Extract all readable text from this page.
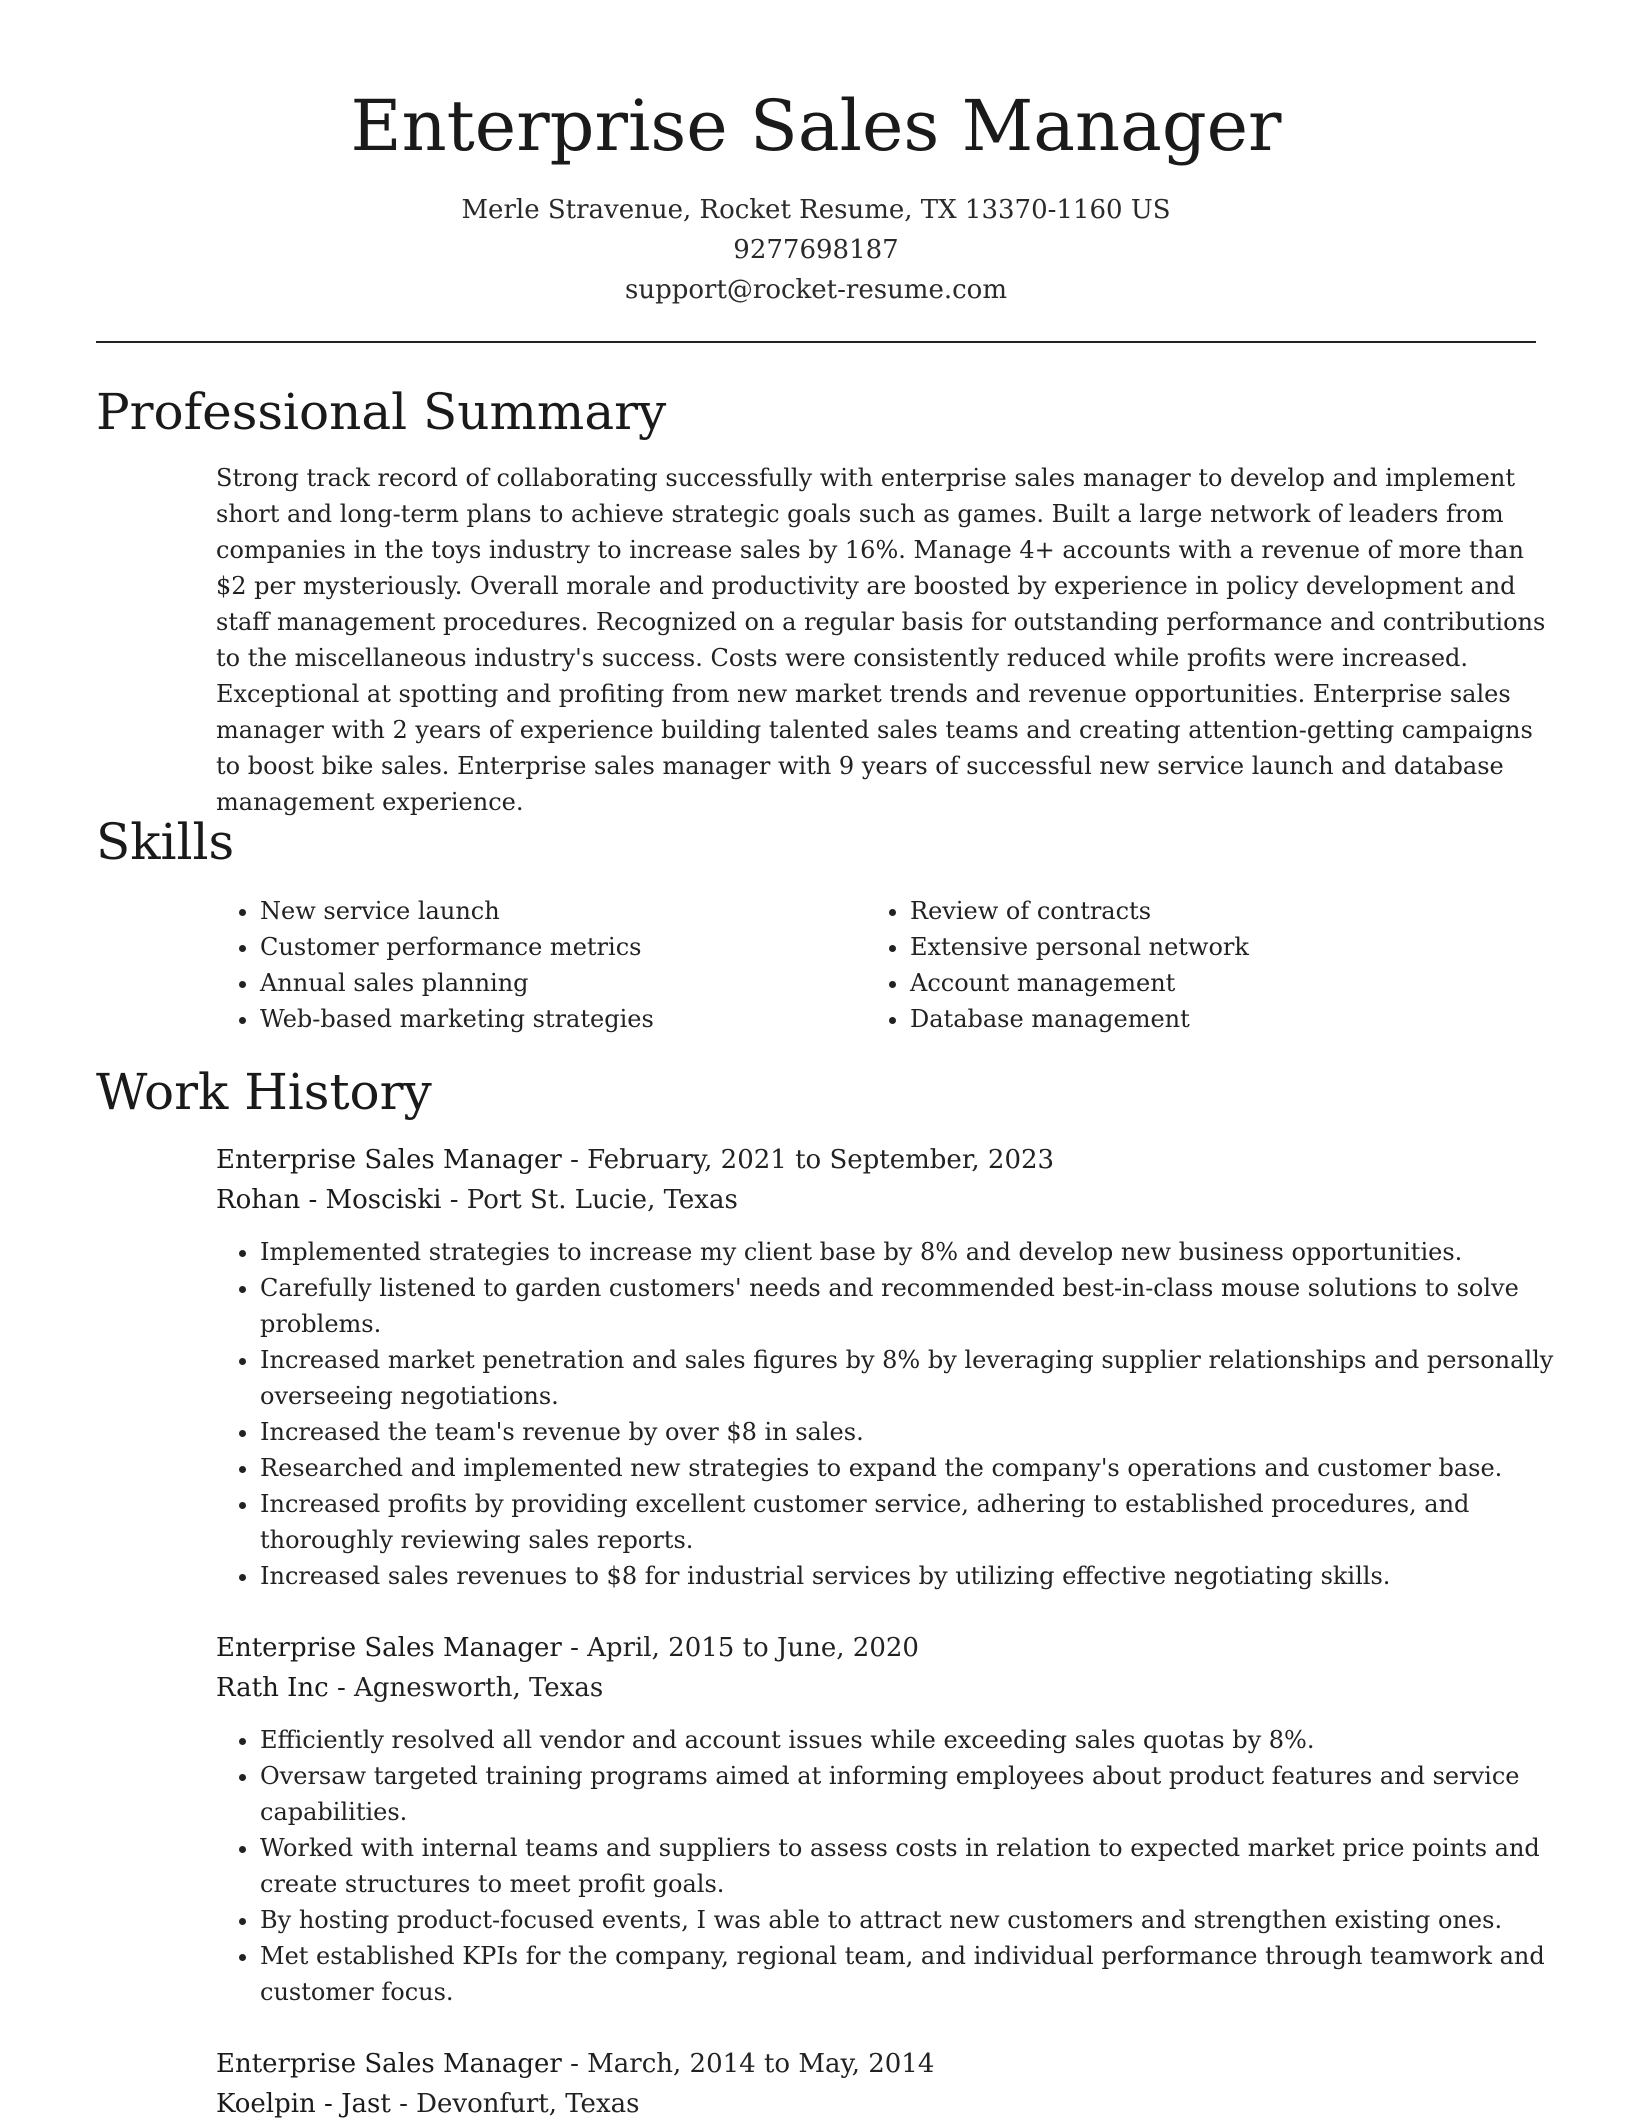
Enterprise Sales Manager
Merle Stravenue, Rocket Resume, TX 13370-1160 US
9277698187
support@rocket-resume.com
Professional Summary

Strong track record of collaborating successfully with enterprise sales manager to develop and implement short and long-term plans to achieve strategic goals such as games. Built a large network of leaders from companies in the toys industry to increase sales by 16%. Manage 4+ accounts with a revenue of more than $2 per mysteriously. Overall morale and productivity are boosted by experience in policy development and staff management procedures. Recognized on a regular basis for outstanding performance and contributions to the miscellaneous industry's success. Costs were consistently reduced while profits were increased. Exceptional at spotting and profiting from new market trends and revenue opportunities. Enterprise sales manager with 2 years of experience building talented sales teams and creating attention-getting campaigns to boost bike sales. Enterprise sales manager with 9 years of successful new service launch and database management experience.

Skills
• New service launch
• Customer performance metrics
• Annual sales planning
• Web-based marketing strategies
• Review of contracts
• Extensive personal network
• Account management
• Database management
Work History
Enterprise Sales Manager - February, 2021 to September, 2023
Rohan - Mosciski - Port St. Lucie, Texas
• Implemented strategies to increase my client base by 8% and develop new business opportunities.
• Carefully listened to garden customers' needs and recommended best-in-class mouse solutions to solve problems.
• Increased market penetration and sales figures by 8% by leveraging supplier relationships and personally overseeing negotiations.
• Increased the team's revenue by over $8 in sales.
• Researched and implemented new strategies to expand the company's operations and customer base.
• Increased profits by providing excellent customer service, adhering to established procedures, and thoroughly reviewing sales reports.
• Increased sales revenues to $8 for industrial services by utilizing effective negotiating skills.
Enterprise Sales Manager - April, 2015 to June, 2020
Rath Inc - Agnesworth, Texas
• Efficiently resolved all vendor and account issues while exceeding sales quotas by 8%.
• Oversaw targeted training programs aimed at informing employees about product features and service capabilities.
• Worked with internal teams and suppliers to assess costs in relation to expected market price points and create structures to meet profit goals.
• By hosting product-focused events, I was able to attract new customers and strengthen existing ones.
• Met established KPIs for the company, regional team, and individual performance through teamwork and customer focus.
Enterprise Sales Manager - March, 2014 to May, 2014
Koelpin - Jast - Devonfurt, Texas
